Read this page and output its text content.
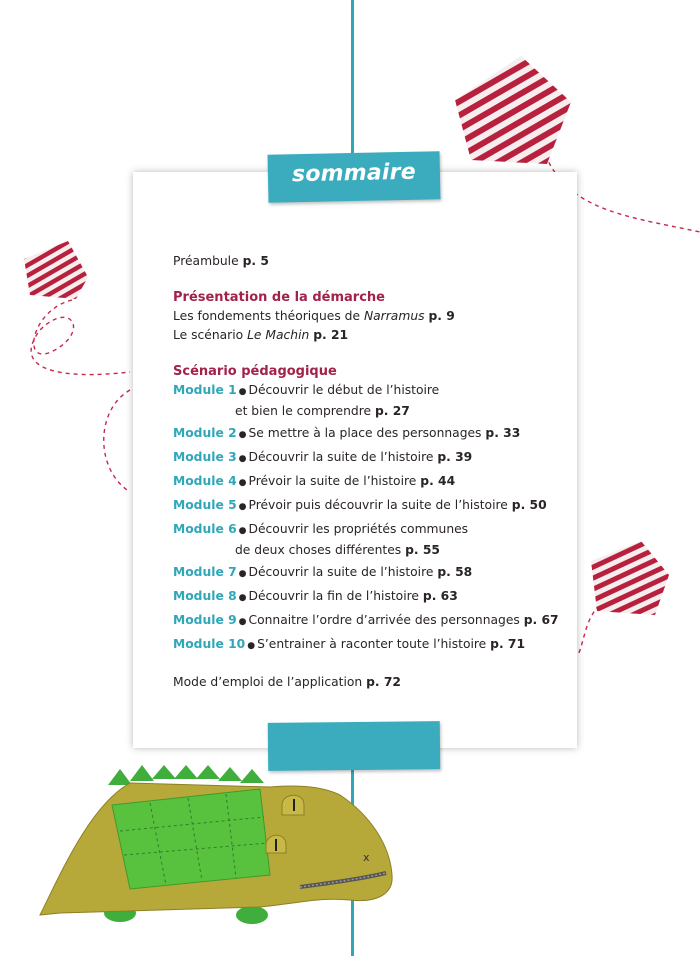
sommaire
Préambule p. 5
Présentation de la démarche
Les fondements théoriques de Narramus p. 9
Le scénario Le Machin p. 21
Scénario pédagogique
Module 1 ● Découvrir le début de l’histoire
et bien le comprendre p. 27
Module 2 ● Se mettre à la place des personnages p. 33
Module 3 ● Découvrir la suite de l’histoire p. 39
Module 4 ● Prévoir la suite de l’histoire p. 44
Module 5 ● Prévoir puis découvrir la suite de l’histoire p. 50
Module 6 ● Découvrir les propriétés communes
de deux choses différentes p. 55
Module 7 ● Découvrir la suite de l’histoire p. 58
Module 8 ● Découvrir la fin de l’histoire p. 63
Module 9 ● Connaitre l’ordre d’arrivée des personnages p. 67
Module 10 ● S’entrainer à raconter toute l’histoire p. 71
Mode d’emploi de l’application p. 72
x
